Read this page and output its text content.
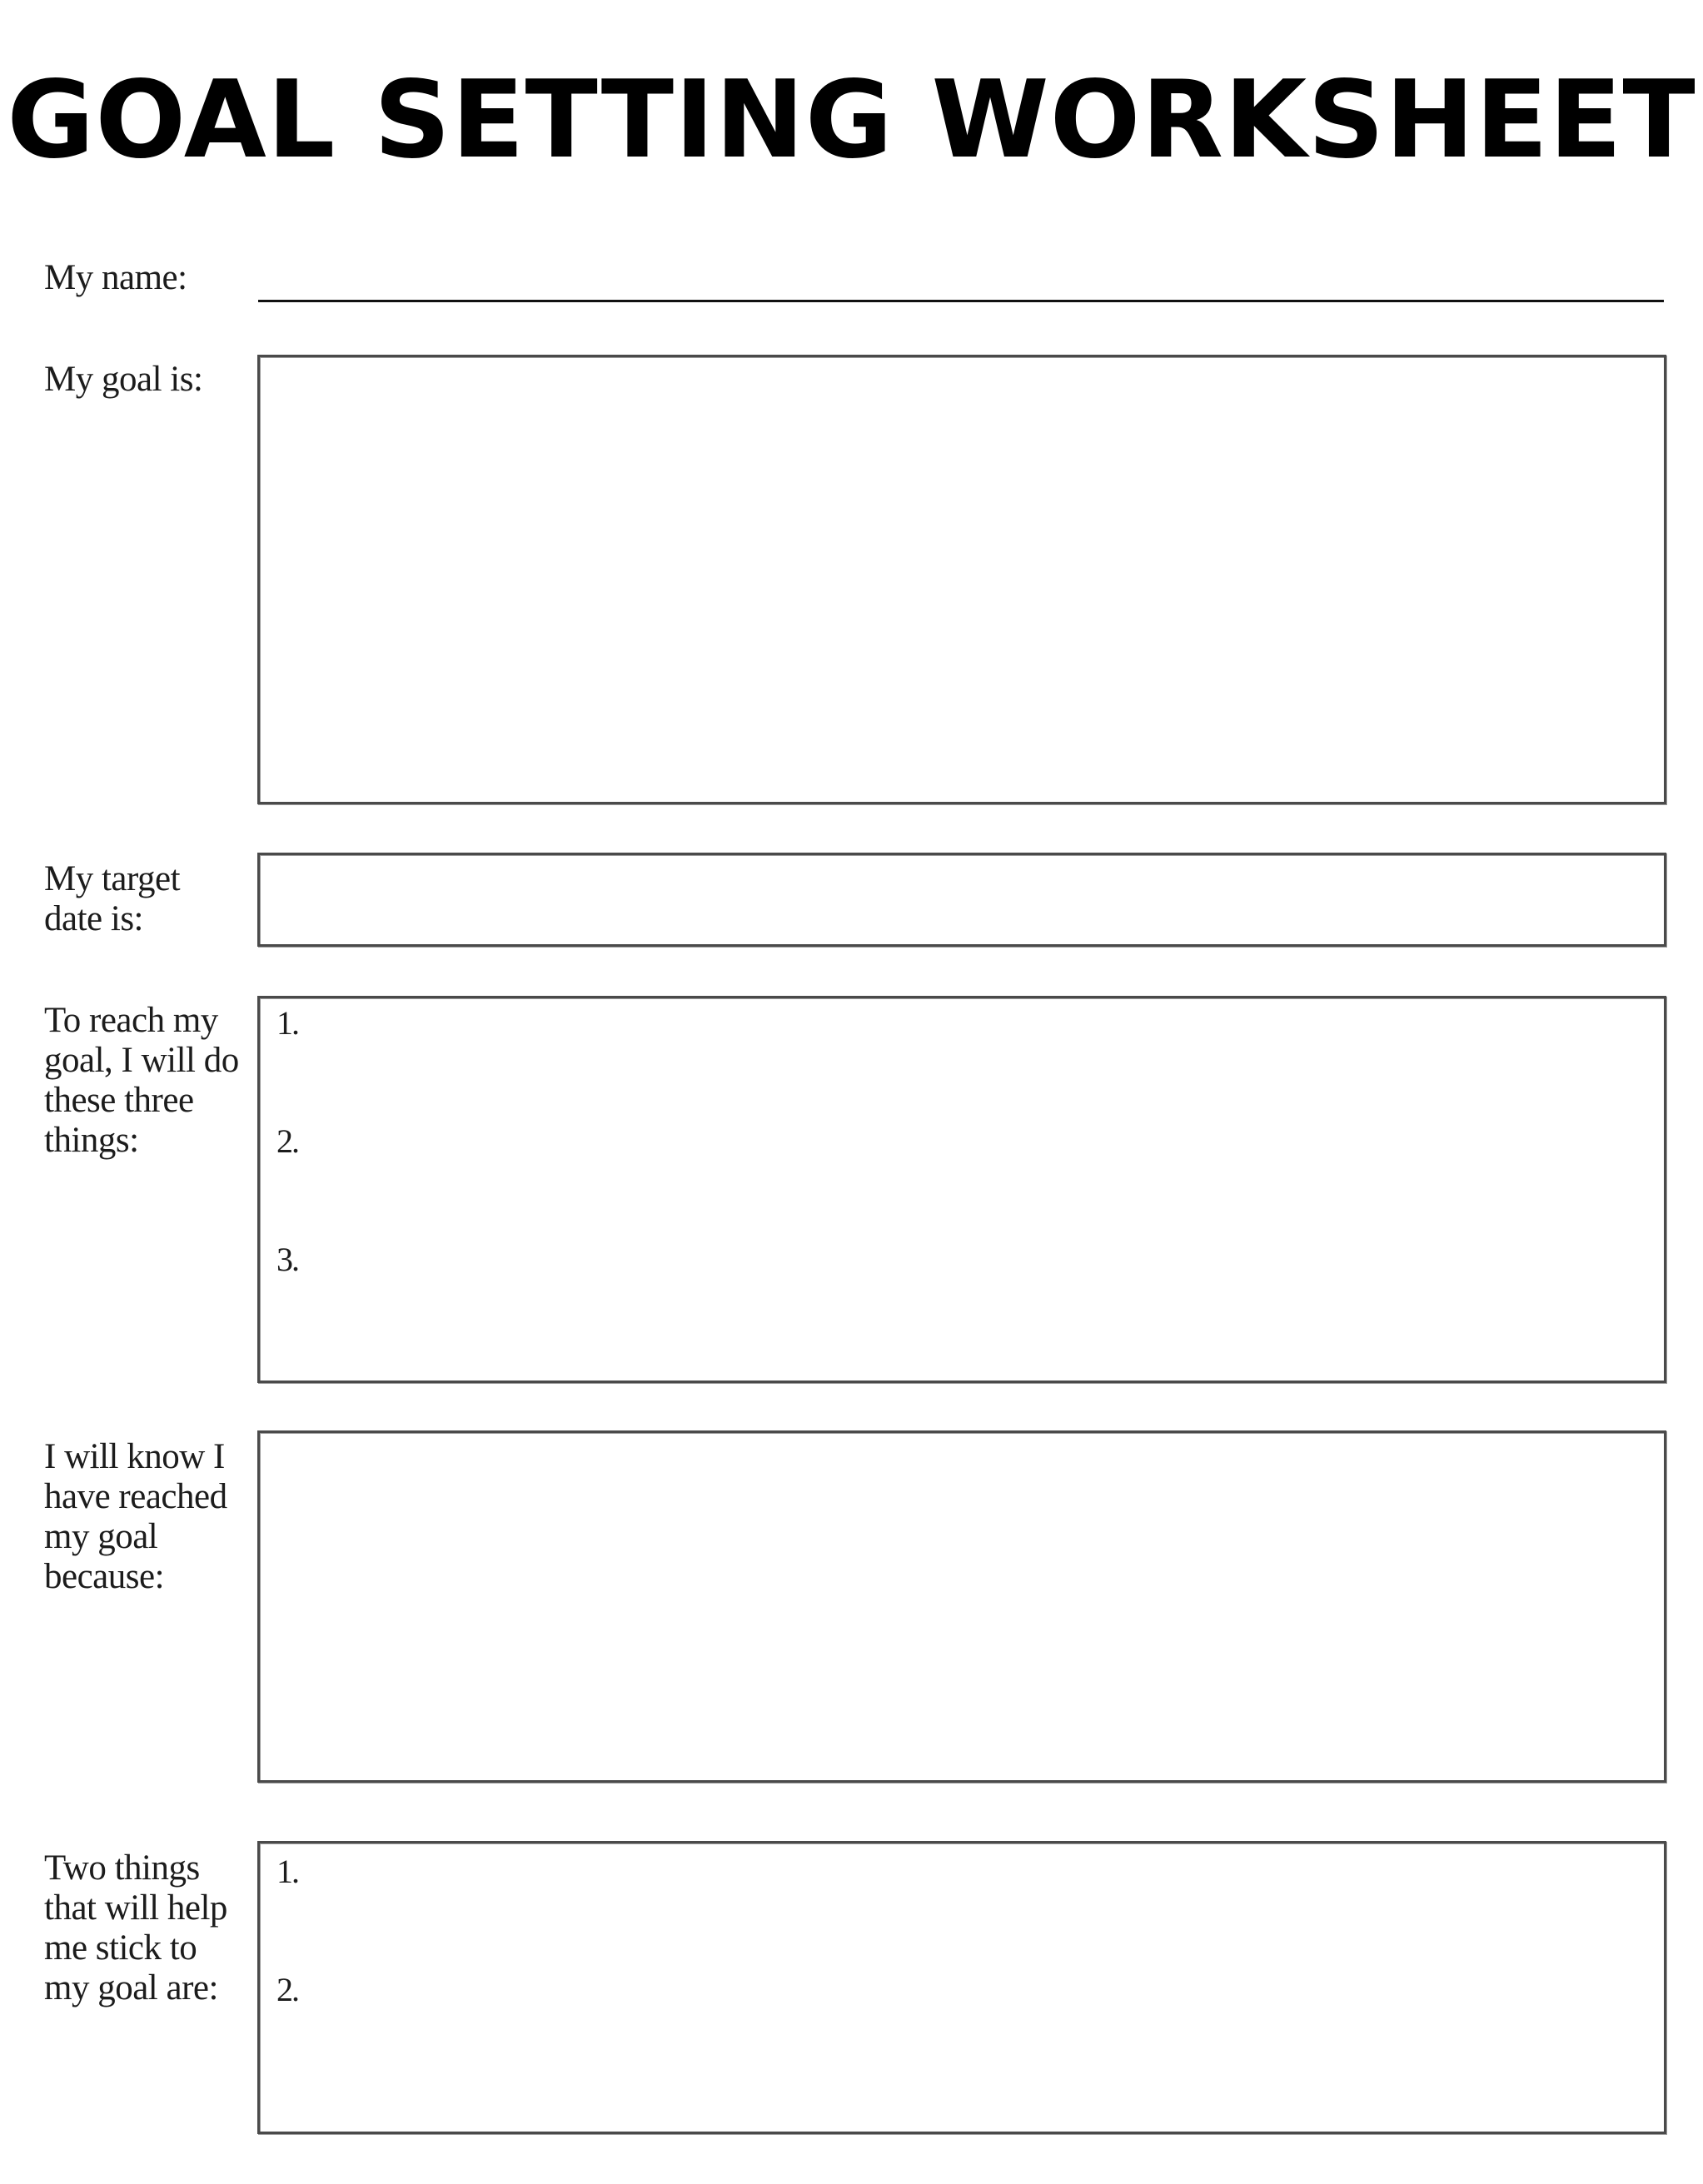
GOAL SETTING WORKSHEET
My name:
My goal is:
My target
date is:
To reach my
goal, I will do
these three
things:
1.
2.
3.
I will know I
have reached
my goal
because:
Two things
that will help
me stick to
my goal are:
1.
2.
